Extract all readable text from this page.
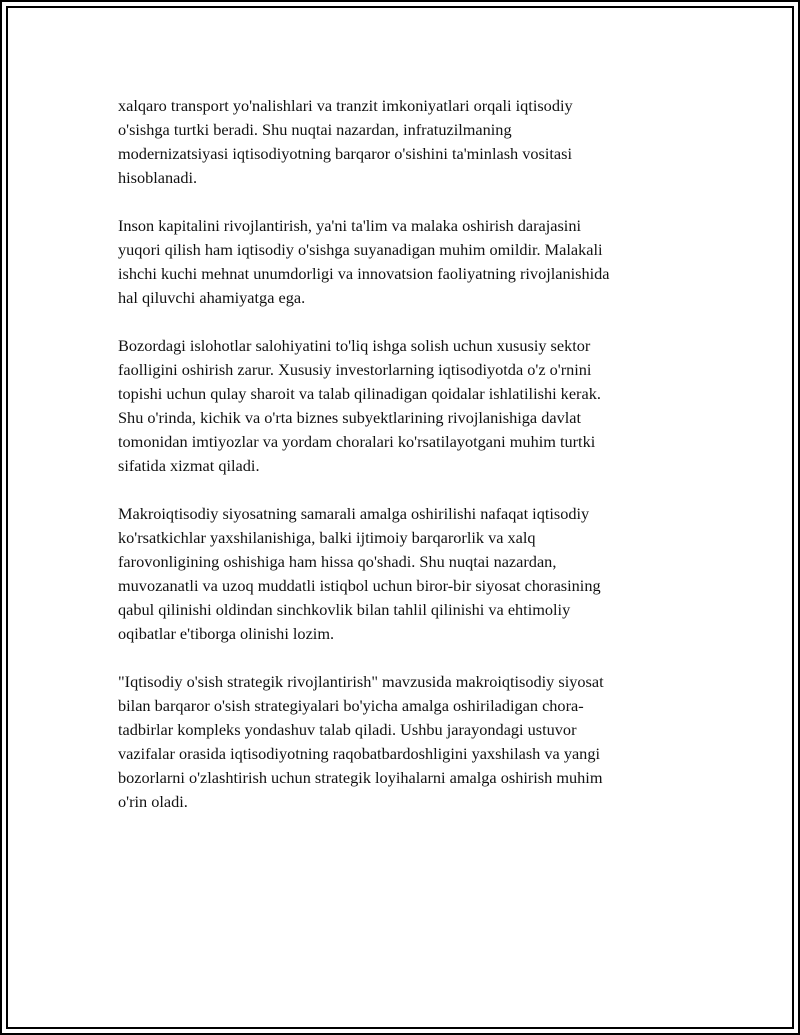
xalqaro transport yo'nalishlari va tranzit imkoniyatlari orqali iqtisodiy
o'sishga turtki beradi. Shu nuqtai nazardan, infratuzilmaning
modernizatsiyasi iqtisodiyotning barqaror o'sishini ta'minlash vositasi
hisoblanadi.

Inson kapitalini rivojlantirish, ya'ni ta'lim va malaka oshirish darajasini
yuqori qilish ham iqtisodiy o'sishga suyanadigan muhim omildir. Malakali
ishchi kuchi mehnat unumdorligi va innovatsion faoliyatning rivojlanishida
hal qiluvchi ahamiyatga ega.

Bozordagi islohotlar salohiyatini to'liq ishga solish uchun xususiy sektor
faolligini oshirish zarur. Xususiy investorlarning iqtisodiyotda o'z o'rnini
topishi uchun qulay sharoit va talab qilinadigan qoidalar ishlatilishi kerak.
Shu o'rinda, kichik va o'rta biznes subyektlarining rivojlanishiga davlat
tomonidan imtiyozlar va yordam choralari ko'rsatilayotgani muhim turtki
sifatida xizmat qiladi.

Makroiqtisodiy siyosatning samarali amalga oshirilishi nafaqat iqtisodiy
ko'rsatkichlar yaxshilanishiga, balki ijtimoiy barqarorlik va xalq
farovonligining oshishiga ham hissa qo'shadi. Shu nuqtai nazardan,
muvozanatli va uzoq muddatli istiqbol uchun biror-bir siyosat chorasining
qabul qilinishi oldindan sinchkovlik bilan tahlil qilinishi va ehtimoliy
oqibatlar e'tiborga olinishi lozim.

"Iqtisodiy o'sish strategik rivojlantirish" mavzusida makroiqtisodiy siyosat
bilan barqaror o'sish strategiyalari bo'yicha amalga oshiriladigan chora-
tadbirlar kompleks yondashuv talab qiladi. Ushbu jarayondagi ustuvor
vazifalar orasida iqtisodiyotning raqobatbardoshligini yaxshilash va yangi
bozorlarni o'zlashtirish uchun strategik loyihalarni amalga oshirish muhim
o'rin oladi.
